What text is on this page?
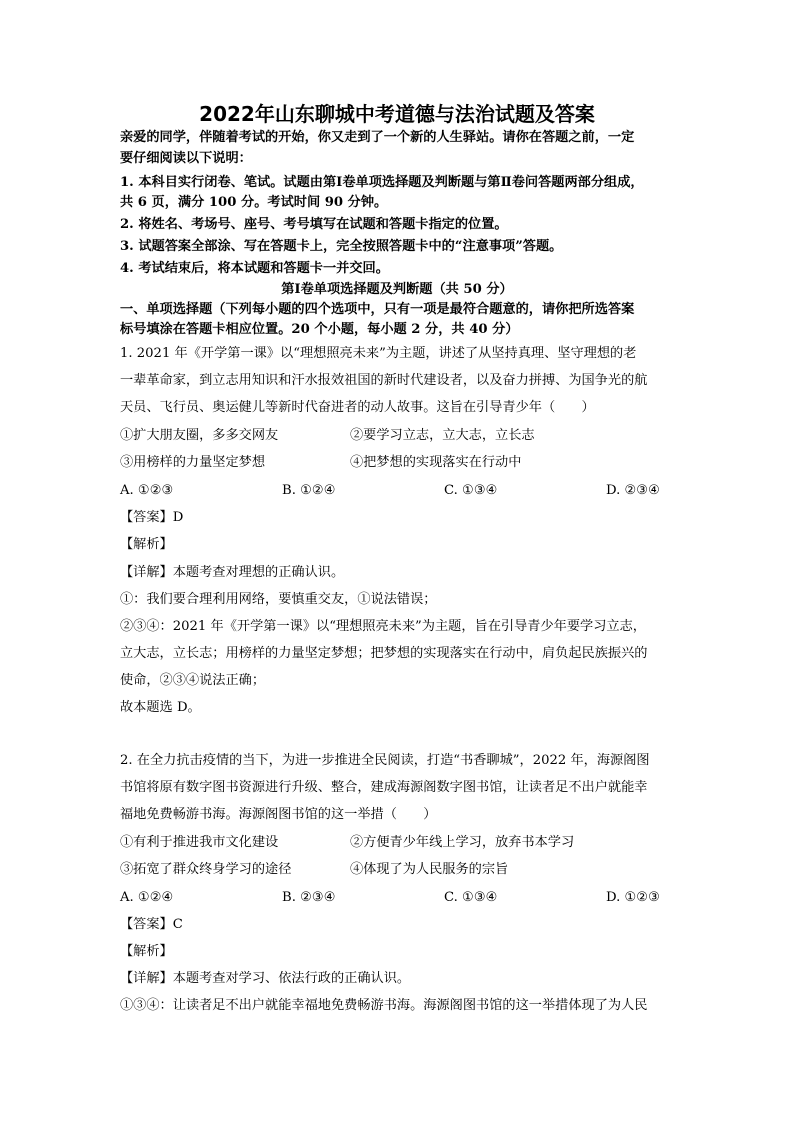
2022年山东聊城中考道德与法治试题及答案
亲爱的同学，伴随着考试的开始，你又走到了一个新的人生驿站。请你在答题之前，一定
要仔细阅读以下说明：
1. 本科目实行闭卷、笔试。试题由第Ⅰ卷单项选择题及判断题与第Ⅱ卷问答题两部分组成，
共 6 页，满分 100 分。考试时间 90 分钟。
2. 将姓名、考场号、座号、考号填写在试题和答题卡指定的位置。
3. 试题答案全部涂、写在答题卡上，完全按照答题卡中的“注意事项”答题。
4. 考试结束后，将本试题和答题卡一并交回。
第Ⅰ卷单项选择题及判断题（共 50 分）
一、单项选择题（下列每小题的四个选项中，只有一项是最符合题意的，请你把所选答案
标号填涂在答题卡相应位置。20 个小题，每小题 2 分，共 40 分）
1. 2021 年《开学第一课》以“理想照亮未来”为主题，讲述了从坚持真理、坚守理想的老
一辈革命家，到立志用知识和汗水报效祖国的新时代建设者，以及奋力拼搏、为国争光的航
天员、飞行员、奥运健儿等新时代奋进者的动人故事。这旨在引导青少年（　　）
①扩大朋友圈，多多交网友	②要学习立志，立大志，立长志
③用榜样的力量坚定梦想	④把梦想的实现落实在行动中
A. ①②③	B. ①②④	C. ①③④	D. ②③④
【答案】D
【解析】
【详解】本题考查对理想的正确认识。
①：我们要合理利用网络，要慎重交友，①说法错误；
②③④：2021 年《开学第一课》以“理想照亮未来”为主题，旨在引导青少年要学习立志，
立大志，立长志；用榜样的力量坚定梦想；把梦想的实现落实在行动中，肩负起民族振兴的
使命，②③④说法正确；
故本题选 D。
2. 在全力抗击疫情的当下，为进一步推进全民阅读，打造“书香聊城”，2022 年，海源阁图
书馆将原有数字图书资源进行升级、整合，建成海源阁数字图书馆，让读者足不出户就能幸
福地免费畅游书海。海源阁图书馆的这一举措（　　）
①有利于推进我市文化建设	②方便青少年线上学习，放弃书本学习
③拓宽了群众终身学习的途径	④体现了为人民服务的宗旨
A. ①②④	B. ②③④	C. ①③④	D. ①②③
【答案】C
【解析】
【详解】本题考查对学习、依法行政的正确认识。
①③④：让读者足不出户就能幸福地免费畅游书海。海源阁图书馆的这一举措体现了为人民
